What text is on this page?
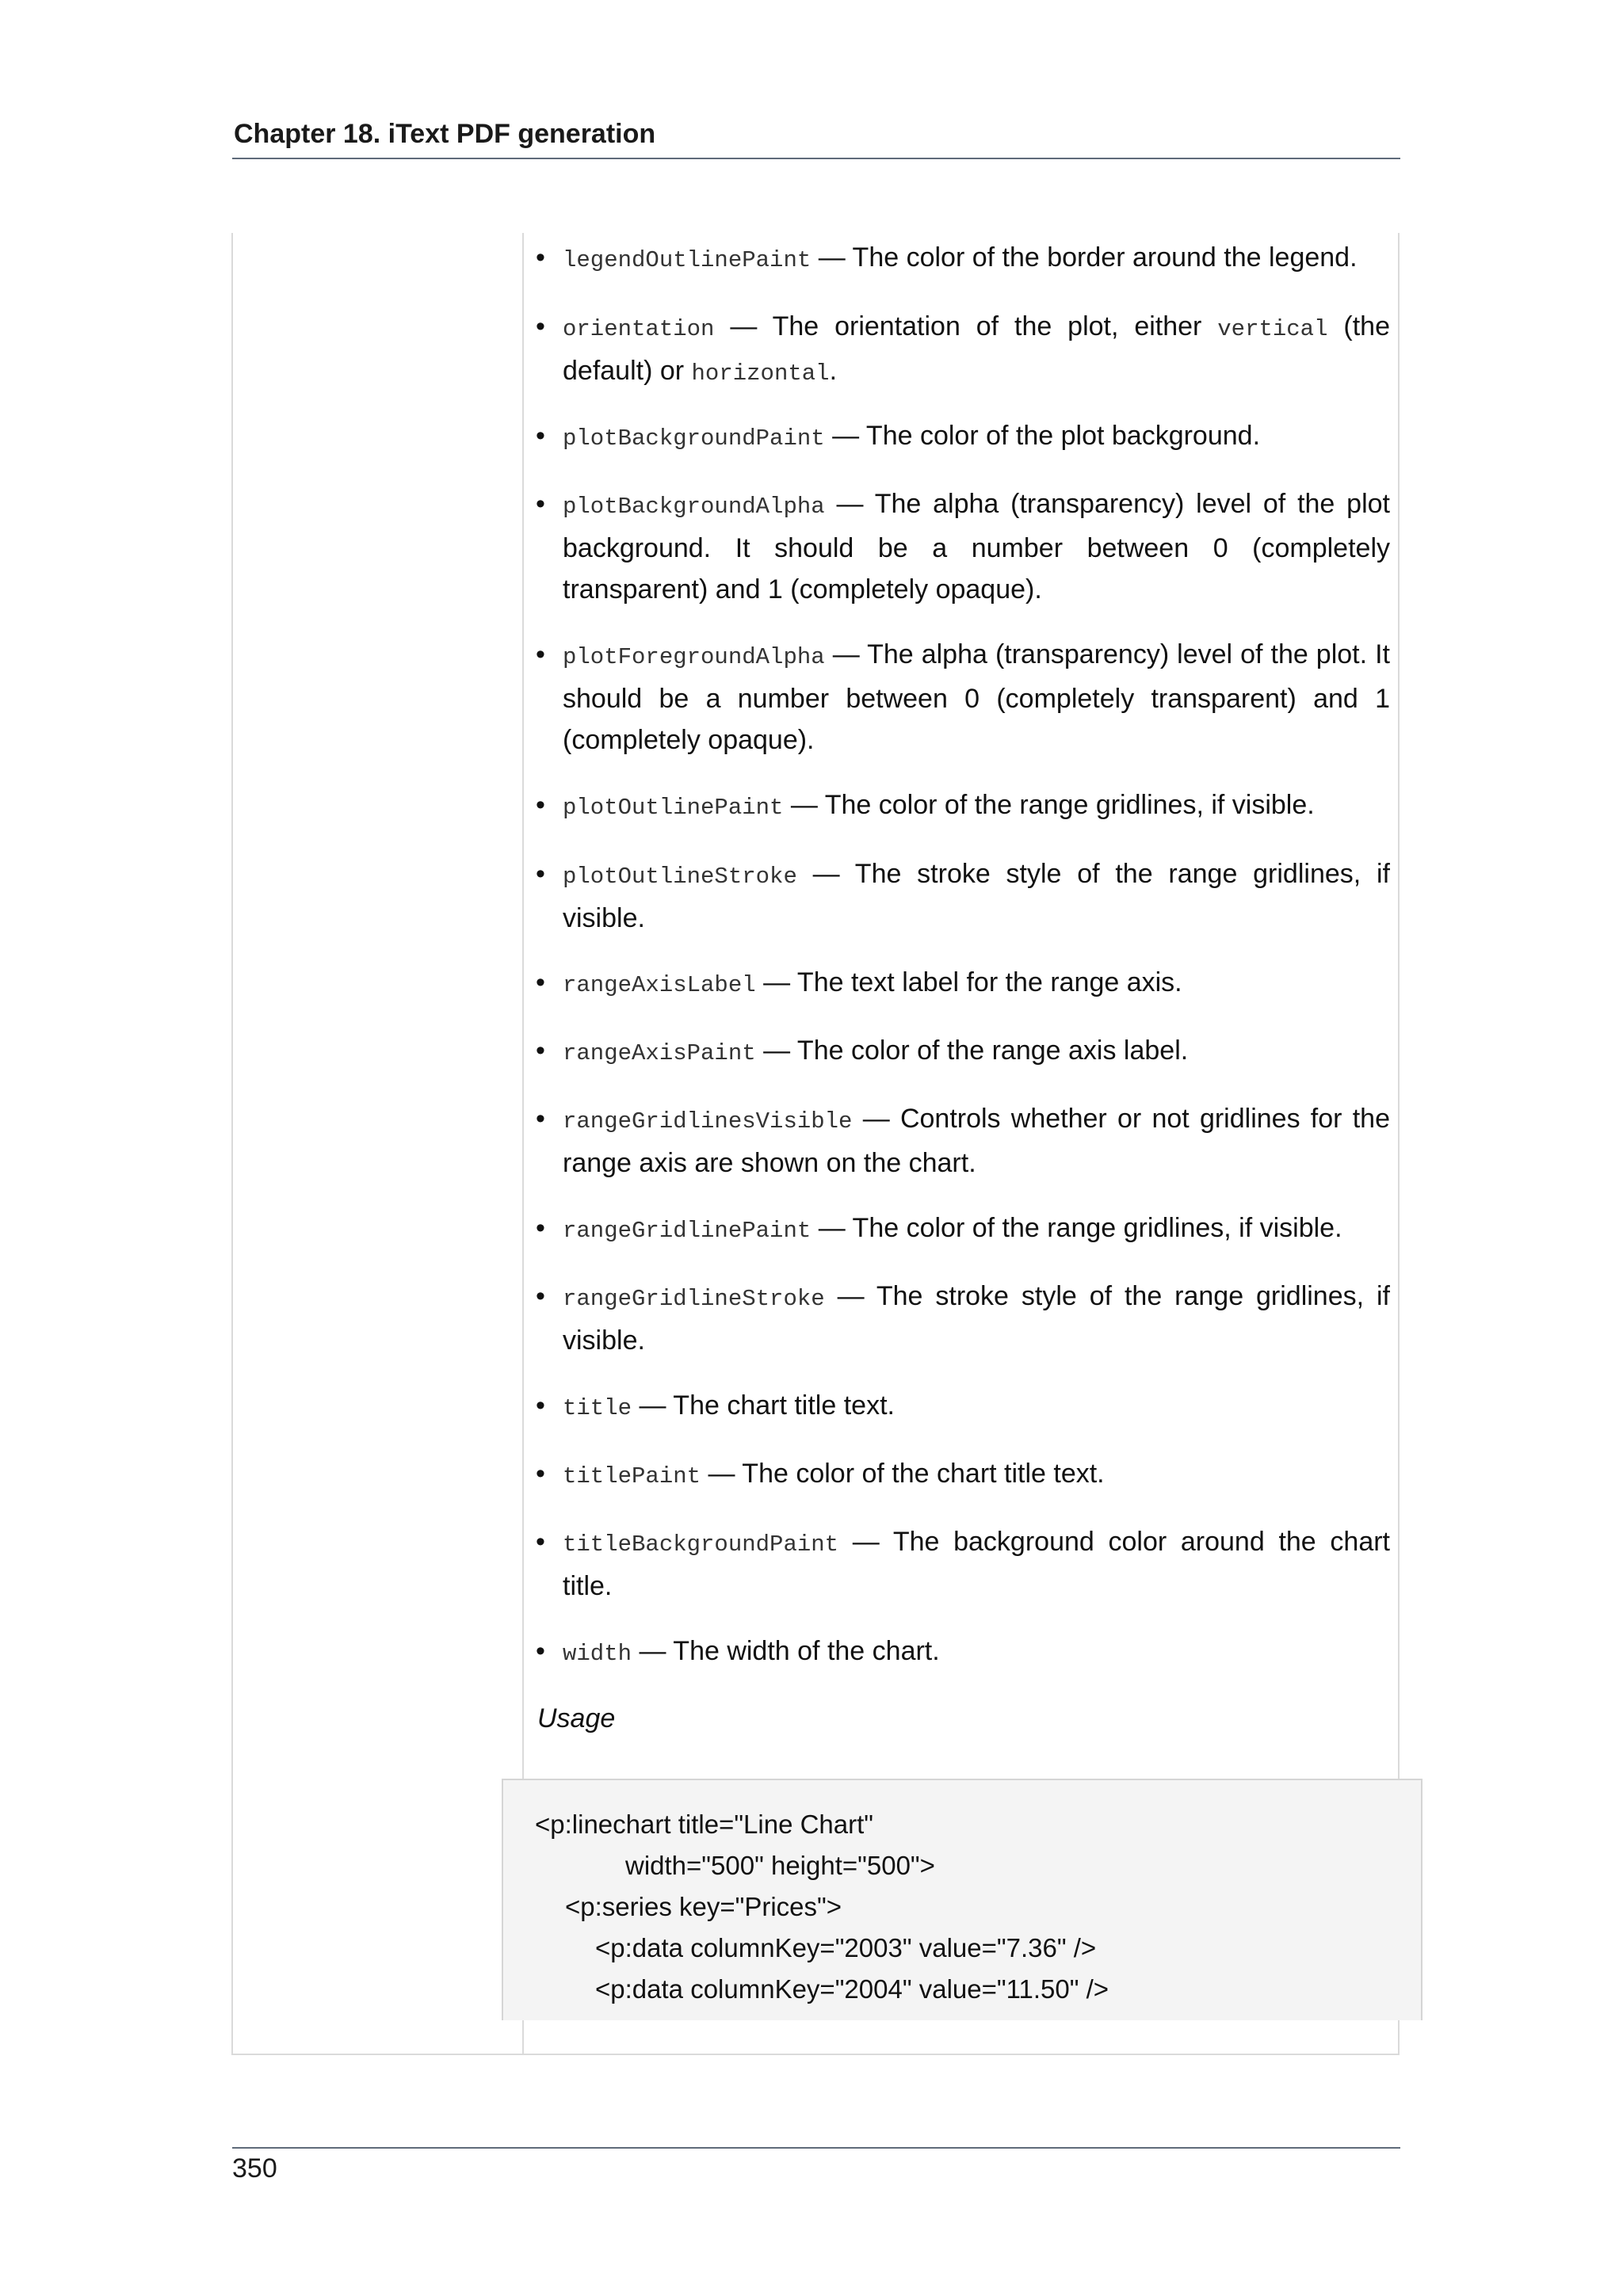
Chapter 18. iText PDF generation
• legendOutlinePaint — The color of the border around the legend.
• orientation — The orientation of the plot, either vertical (the default) or horizontal.
• plotBackgroundPaint — The color of the plot background.
• plotBackgroundAlpha — The alpha (transparency) level of the plot background. It should be a number between 0 (completely transparent) and 1 (completely opaque).
• plotForegroundAlpha — The alpha (transparency) level of the plot. It should be a number between 0 (completely transparent) and 1 (completely opaque).
• plotOutlinePaint — The color of the range gridlines, if visible.
• plotOutlineStroke — The stroke style of the range gridlines, if visible.
• rangeAxisLabel — The text label for the range axis.
• rangeAxisPaint — The color of the range axis label.
• rangeGridlinesVisible — Controls whether or not gridlines for the range axis are shown on the chart.
• rangeGridlinePaint — The color of the range gridlines, if visible.
• rangeGridlineStroke — The stroke style of the range gridlines, if visible.
• title — The chart title text.
• titlePaint — The color of the chart title text.
• titleBackgroundPaint — The background color around the chart title.
• width — The width of the chart.
Usage
<p:linechart title="Line Chart"
width="500" height="500">
<p:series key="Prices">
<p:data columnKey="2003" value="7.36" />
<p:data columnKey="2004" value="11.50" />
350
